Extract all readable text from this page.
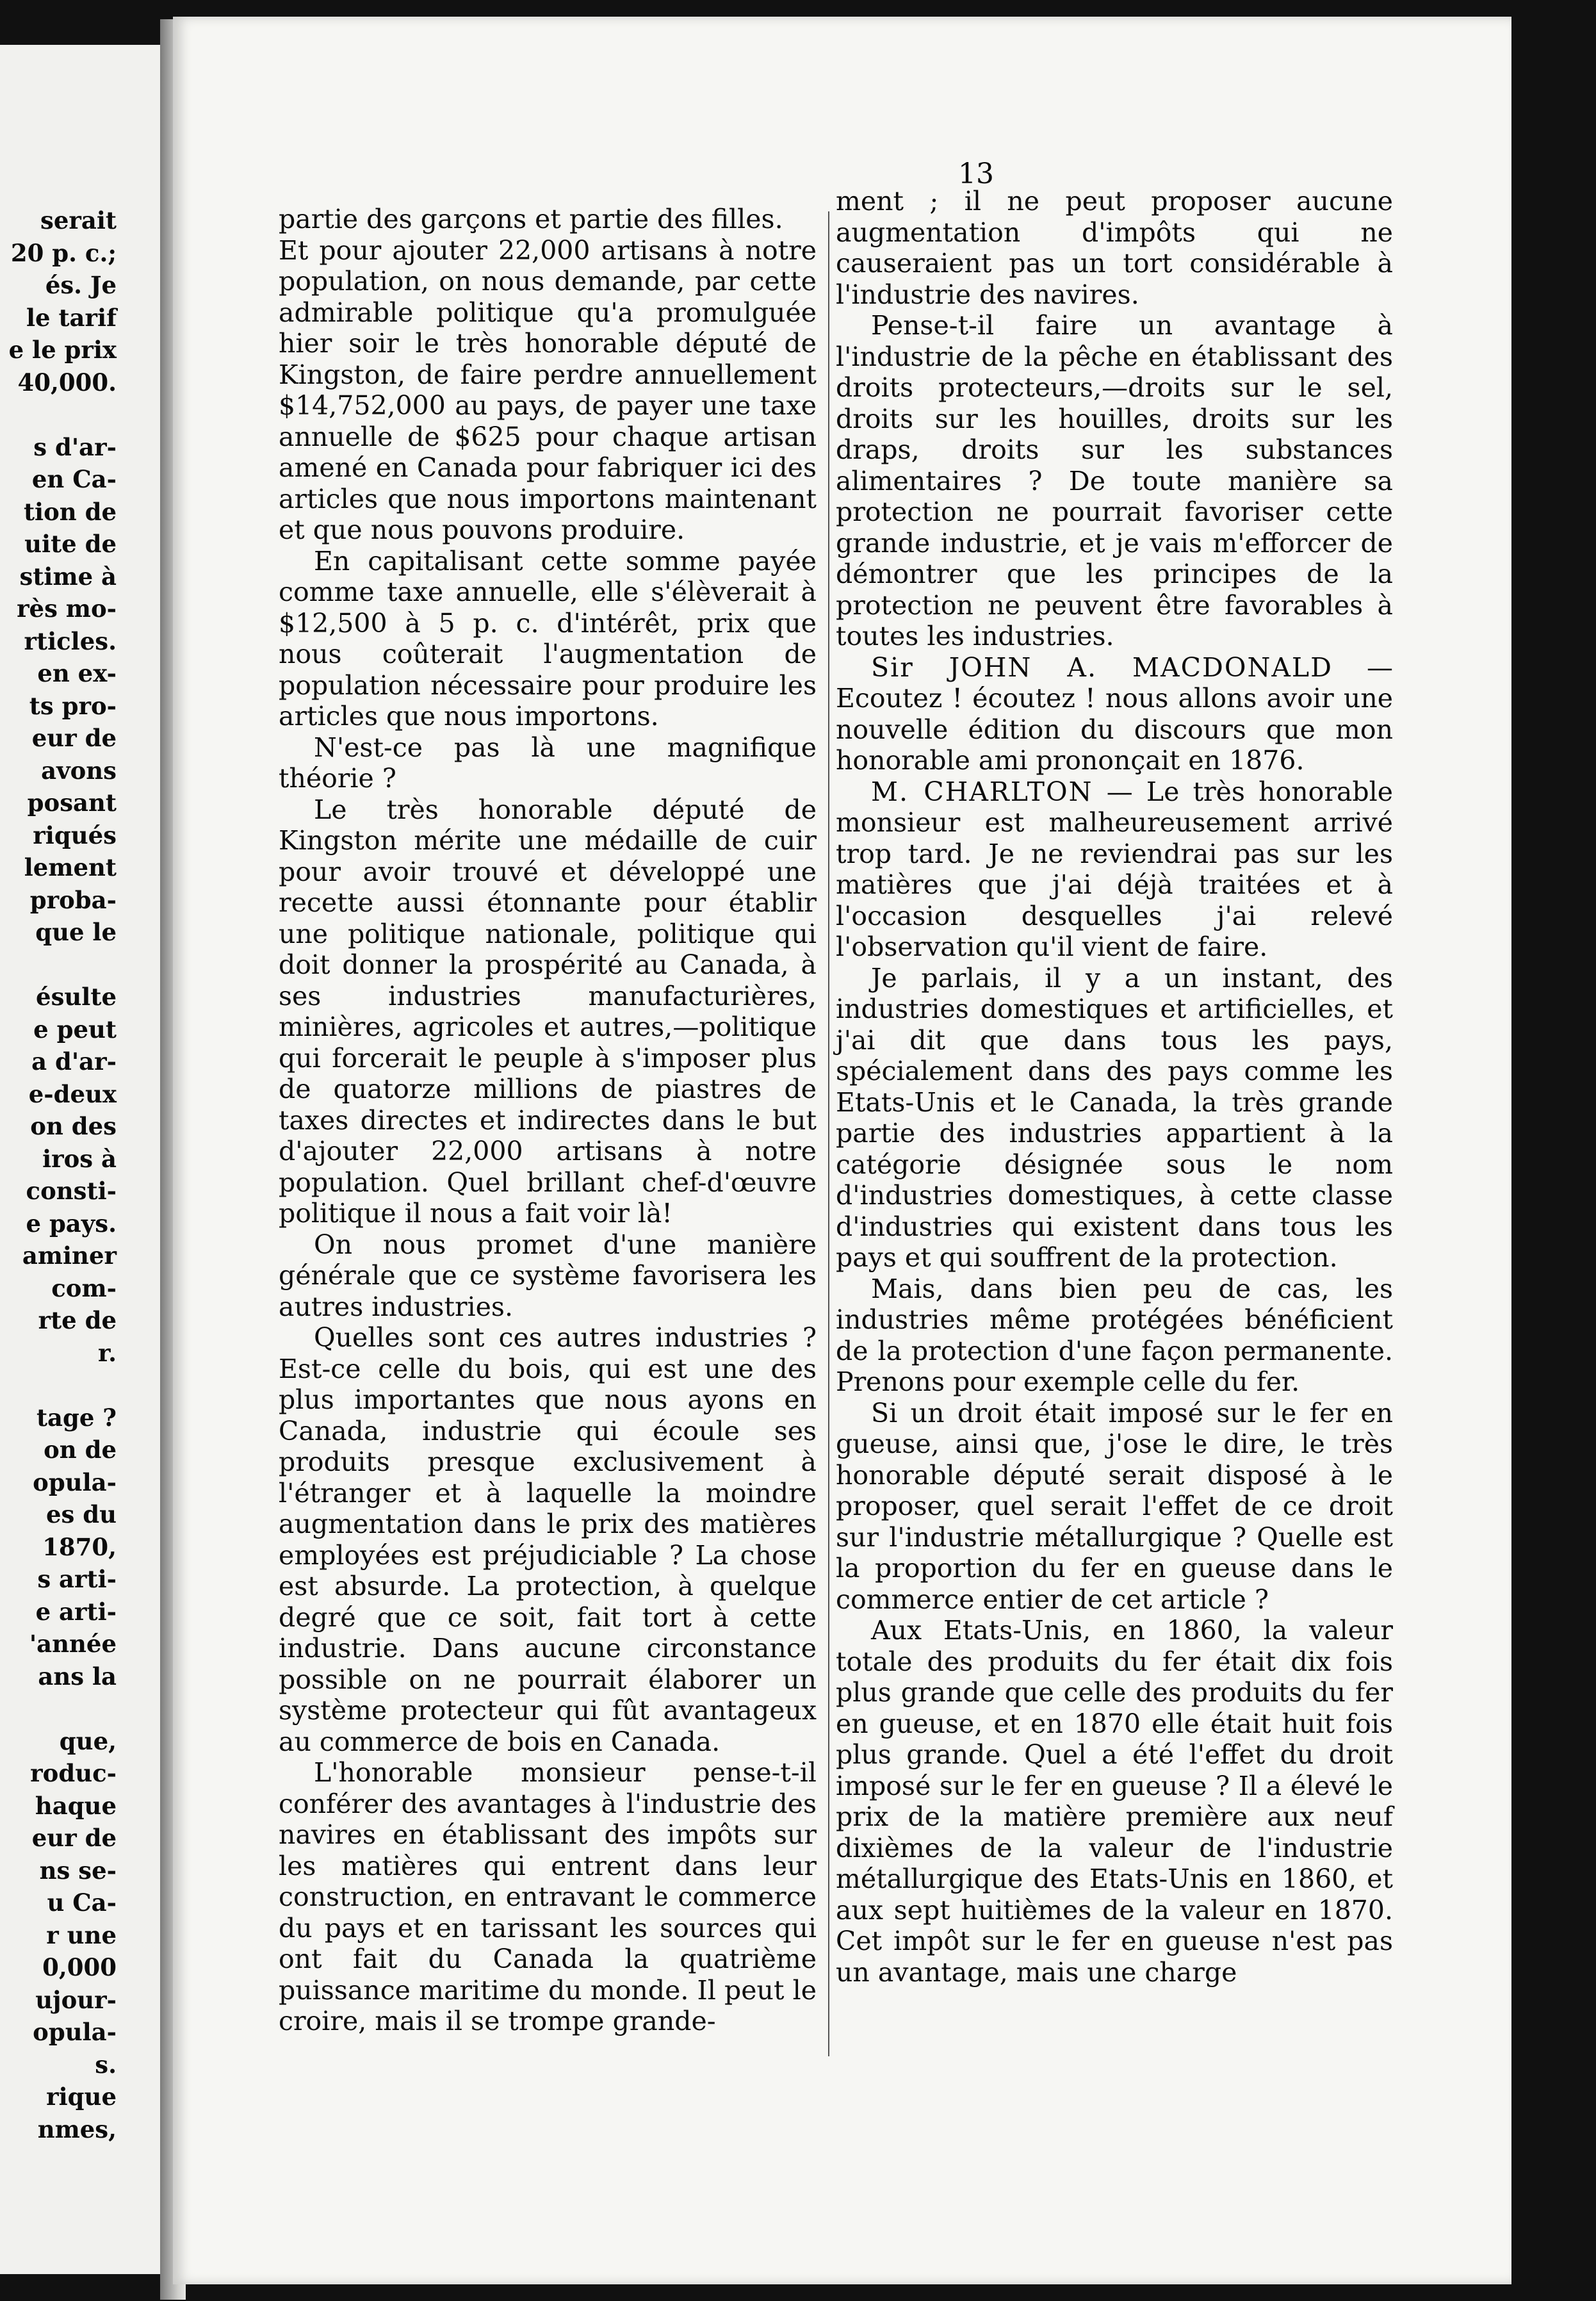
serait
20 p. c.;
és. Je
le tarif
e le prix
40,000.
s d'ar-
en Ca-
tion de
uite de
stime à
rès mo-
rticles.
en ex-
ts pro-
eur de
avons
posant
riqués
lement
proba-
que le
ésulte
e peut
a d'ar-
e-deux
on des
iros à
consti-
e pays.
aminer
com-
rte de
r.
tage ?
on de
opula-
es du
1870,
s arti-
e arti-
'année
ans la
que,
roduc-
haque
eur de
ns se-
u Ca-
r une
0,000
ujour-
opula-
s.
rique
nmes,
13

partie des garçons et partie des filles.

Et pour ajouter 22,000 artisans à notre population, on nous demande, par cette admirable politique qu'a promulguée hier soir le très honorable député de Kingston, de faire perdre annuellement $14,752,000 au pays, de payer une taxe annuelle de $625 pour chaque artisan amené en Canada pour fabriquer ici des articles que nous importons maintenant et que nous pouvons produire.

En capitalisant cette somme payée comme taxe annuelle, elle s'élèverait à $12,500 à 5 p. c. d'intérêt, prix que nous coûterait l'augmentation de population nécessaire pour produire les articles que nous importons.

N'est-ce pas là une magnifique théorie ?

Le très honorable député de Kingston mérite une médaille de cuir pour avoir trouvé et développé une recette aussi étonnante pour établir une politique nationale, politique qui doit donner la prospérité au Canada, à ses industries manufacturières, minières, agricoles et autres,—politique qui forcerait le peuple à s'imposer plus de quatorze millions de piastres de taxes directes et indirectes dans le but d'ajouter 22,000 artisans à notre population. Quel brillant chef-d'œuvre politique il nous a fait voir là!

On nous promet d'une manière générale que ce système favorisera les autres industries.

Quelles sont ces autres industries ? Est-ce celle du bois, qui est une des plus importantes que nous ayons en Canada, industrie qui écoule ses produits presque exclusivement à l'étranger et à laquelle la moindre augmentation dans le prix des matières employées est préjudiciable ? La chose est absurde. La protection, à quelque degré que ce soit, fait tort à cette industrie. Dans aucune circonstance possible on ne pourrait élaborer un système protecteur qui fût avantageux au commerce de bois en Canada.

L'honorable monsieur pense-t-il conférer des avantages à l'industrie des navires en établissant des impôts sur les matières qui entrent dans leur construction, en entravant le commerce du pays et en tarissant les sources qui ont fait du Canada la quatrième puissance maritime du monde. Il peut le croire, mais il se trompe grande-

ment ; il ne peut proposer aucune augmentation d'impôts qui ne causeraient pas un tort considérable à l'industrie des navires.

Pense-t-il faire un avantage à l'industrie de la pêche en établissant des droits protecteurs,—droits sur le sel, droits sur les houilles, droits sur les draps, droits sur les substances alimentaires ? De toute manière sa protection ne pourrait favoriser cette grande industrie, et je vais m'efforcer de démontrer que les principes de la protection ne peuvent être favorables à toutes les industries.

Sir JOHN A. MACDONALD — Ecoutez ! écoutez ! nous allons avoir une nouvelle édition du discours que mon honorable ami prononçait en 1876.

M. CHARLTON — Le très honorable monsieur est malheureusement arrivé trop tard. Je ne reviendrai pas sur les matières que j'ai déjà traitées et à l'occasion desquelles j'ai relevé l'observation qu'il vient de faire.

Je parlais, il y a un instant, des industries domestiques et artificielles, et j'ai dit que dans tous les pays, spécialement dans des pays comme les Etats-Unis et le Canada, la très grande partie des industries appartient à la catégorie désignée sous le nom d'industries domestiques, à cette classe d'industries qui existent dans tous les pays et qui souffrent de la protection.

Mais, dans bien peu de cas, les industries même protégées bénéficient de la protection d'une façon permanente. Prenons pour exemple celle du fer.

Si un droit était imposé sur le fer en gueuse, ainsi que, j'ose le dire, le très honorable député serait disposé à le proposer, quel serait l'effet de ce droit sur l'industrie métallurgique ? Quelle est la proportion du fer en gueuse dans le commerce entier de cet article ?

Aux Etats-Unis, en 1860, la valeur totale des produits du fer était dix fois plus grande que celle des produits du fer en gueuse, et en 1870 elle était huit fois plus grande. Quel a été l'effet du droit imposé sur le fer en gueuse ? Il a élevé le prix de la matière première aux neuf dixièmes de la valeur de l'industrie métallurgique des Etats-Unis en 1860, et aux sept huitièmes de la valeur en 1870. Cet impôt sur le fer en gueuse n'est pas un avantage, mais une charge
